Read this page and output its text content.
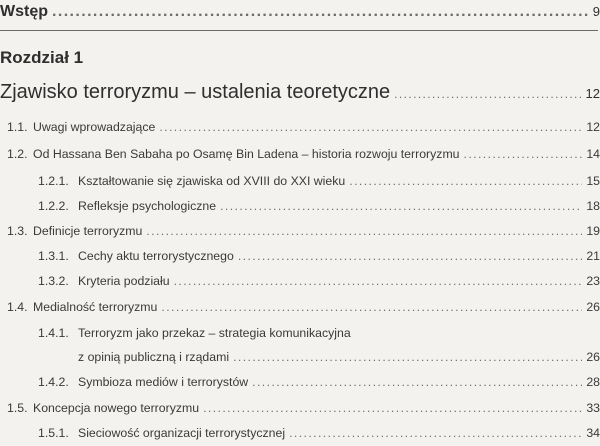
Wstęp .....	9
Rozdział 1
Zjawisko terroryzmu – ustalenia teoretyczne .....	12
1.1. Uwagi wprowadzające .....	12
1.2. Od Hassana Ben Sabaha po Osamę Bin Ladena – historia rozwoju terroryzmu .....	14
1.2.1. Kształtowanie się zjawiska od XVIII do XXI wieku .....	15
1.2.2. Refleksje psychologiczne .....	18
1.3. Definicje terroryzmu .....	19
1.3.1. Cechy aktu terrorystycznego .....	21
1.3.2. Kryteria podziału .....	23
1.4. Medialność terroryzmu .....	26
1.4.1. Terroryzm jako przekaz – strategia komunikacyjna
z opinią publiczną i rządami .....	26
1.4.2. Symbioza mediów i terrorystów .....	28
1.5. Koncepcja nowego terroryzmu .....	33
1.5.1. Sieciowość organizacji terrorystycznej .....	34
